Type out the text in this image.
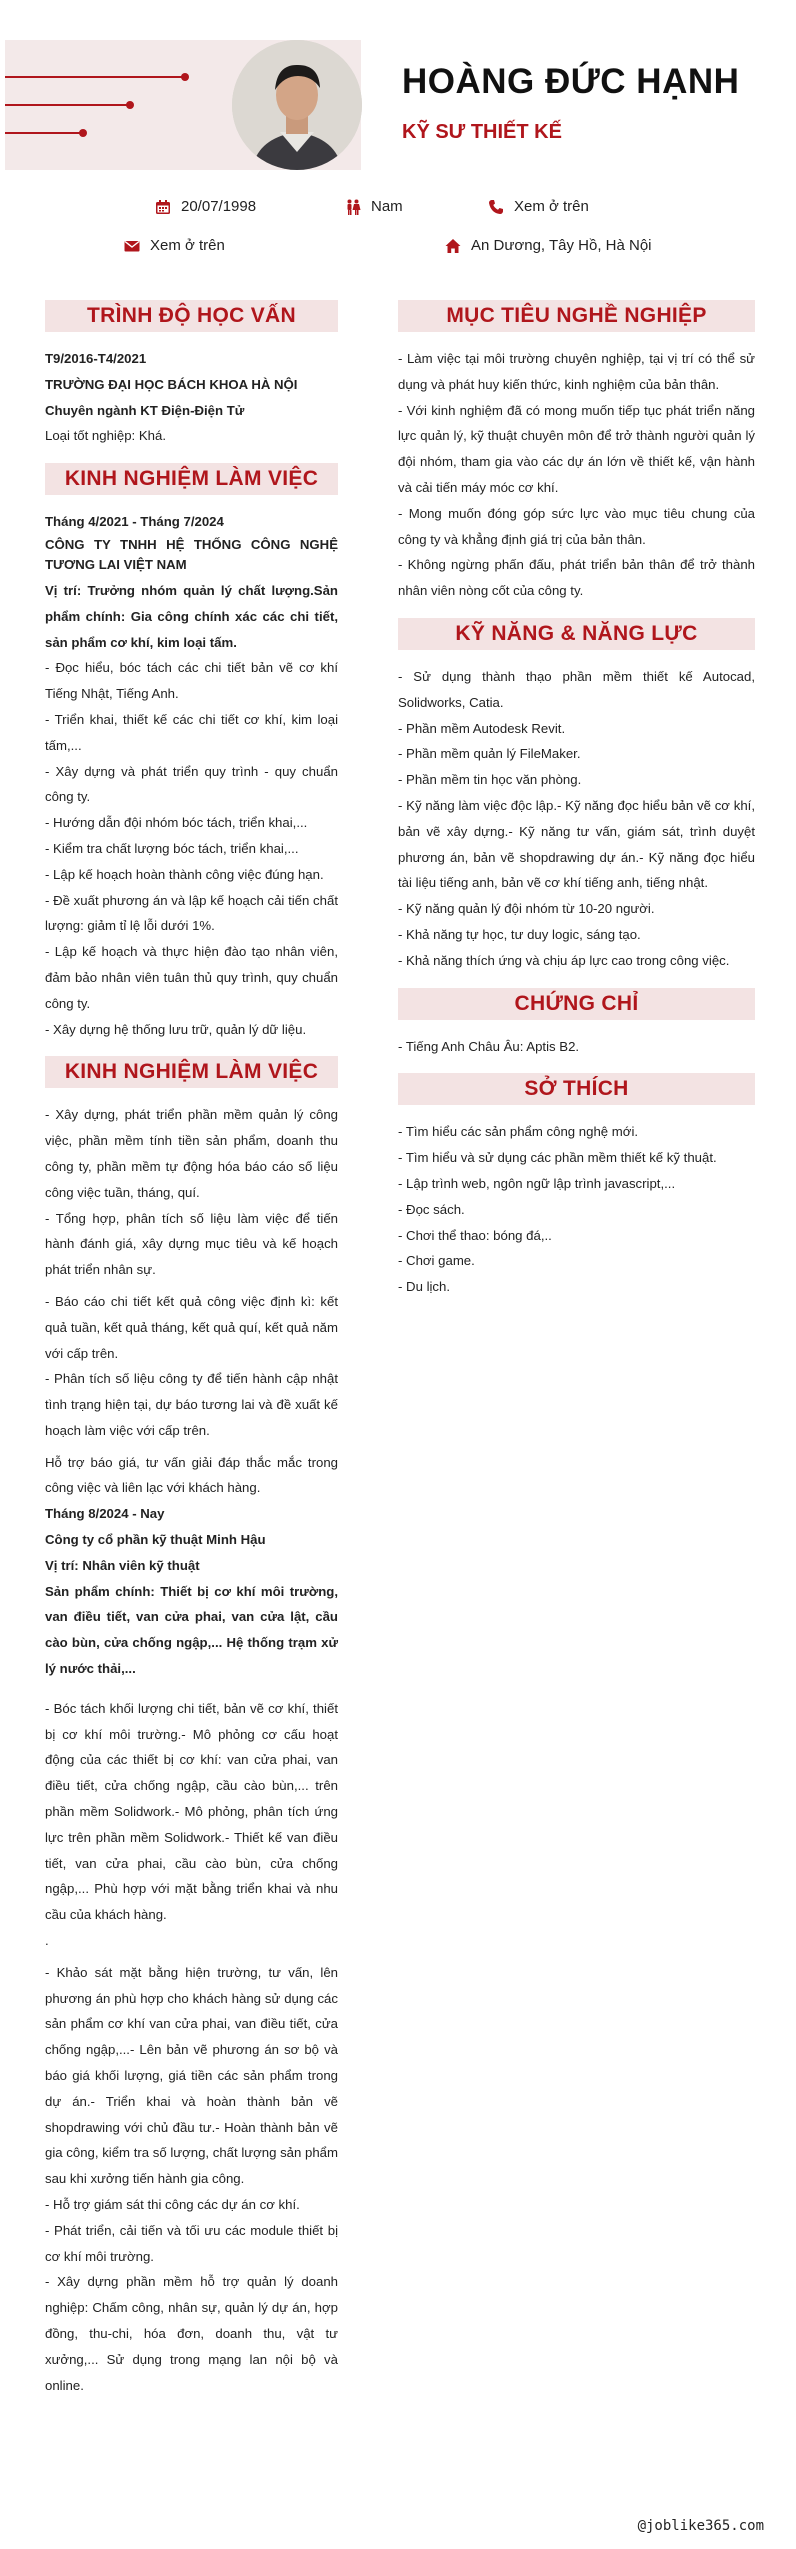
HOÀNG ĐỨC HẠNH
KỸ SƯ THIẾT KẾ
20/07/1998	Nam	Xem ở trên
Xem ở trên	An Dương, Tây Hồ, Hà Nội
TRÌNH ĐỘ HỌC VẤN

T9/2016-T4/2021

TRƯỜNG ĐẠI HỌC BÁCH KHOA HÀ NỘI

Chuyên ngành KT Điện-Điện Tử

Loại tốt nghiệp: Khá.

KINH NGHIỆM LÀM VIỆC

Tháng 4/2021 - Tháng 7/2024

CÔNG TY TNHH HỆ THỐNG CÔNG NGHỆ TƯƠNG LAI VIỆT NAM

Vị trí: Trưởng nhóm quản lý chất lượng.Sản phẩm chính: Gia công chính xác các chi tiết, sản phẩm cơ khí, kim loại tấm.

- Đọc hiểu, bóc tách các chi tiết bản vẽ cơ khí Tiếng Nhật, Tiếng Anh.

- Triển khai, thiết kế các chi tiết cơ khí, kim loại tấm,...

- Xây dựng và phát triển quy trình - quy chuẩn công ty.

- Hướng dẫn đội nhóm bóc tách, triển khai,...

- Kiểm tra chất lượng bóc tách, triển khai,...

- Lập kế hoạch hoàn thành công việc đúng hạn.

- Đề xuất phương án và lập kế hoạch cải tiến chất lượng: giảm tỉ lệ lỗi dưới 1%.

- Lập kế hoạch và thực hiện đào tạo nhân viên, đảm bảo nhân viên tuân thủ quy trình, quy chuẩn công ty.

- Xây dựng hệ thống lưu trữ, quản lý dữ liệu.

KINH NGHIỆM LÀM VIỆC

- Xây dựng, phát triển phần mềm quản lý công việc, phần mềm tính tiền sản phẩm, doanh thu công ty, phần mềm tự động hóa báo cáo số liệu công việc tuần, tháng, quí.

- Tổng hợp, phân tích số liệu làm việc để tiến hành đánh giá, xây dựng mục tiêu và kế hoạch phát triển nhân sự.

- Báo cáo chi tiết kết quả công việc định kì: kết quả tuần, kết quả tháng, kết quả quí, kết quả năm với cấp trên.

- Phân tích số liệu công ty để tiến hành cập nhật tình trạng hiện tại, dự báo tương lai và đề xuất kế hoạch làm việc với cấp trên.

Hỗ trợ báo giá, tư vấn giải đáp thắc mắc trong công việc và liên lạc với khách hàng.

Tháng 8/2024 - Nay

Công ty cổ phần kỹ thuật Minh Hậu

Vị trí: Nhân viên kỹ thuật

Sản phẩm chính: Thiết bị cơ khí môi trường, van điều tiết, van cửa phai, van cửa lật, cầu cào bùn, cửa chống ngập,... Hệ thống trạm xử lý nước thải,...

- Bóc tách khối lượng chi tiết, bản vẽ cơ khí, thiết bị cơ khí môi trường.- Mô phỏng cơ cấu hoạt động của các thiết bị cơ khí: van cửa phai, van điều tiết, cửa chống ngập, cầu cào bùn,... trên phần mềm Solidwork.- Mô phỏng, phân tích ứng lực trên phần mềm Solidwork.- Thiết kế van điều tiết, van cửa phai, cầu cào bùn, cửa chống ngập,... Phù hợp với mặt bằng triển khai và nhu cầu của khách hàng.

.

- Khảo sát mặt bằng hiện trường, tư vấn, lên phương án phù hợp cho khách hàng sử dụng các sản phẩm cơ khí van cửa phai, van điều tiết, cửa chống ngập,...- Lên bản vẽ phương án sơ bộ và báo giá khối lượng, giá tiền các sản phẩm trong dự án.- Triển khai và hoàn thành bản vẽ shopdrawing với chủ đầu tư.- Hoàn thành bản vẽ gia công, kiểm tra số lượng, chất lượng sản phẩm sau khi xưởng tiến hành gia công.

- Hỗ trợ giám sát thi công các dự án cơ khí.

- Phát triển, cải tiến và tối ưu các module thiết bị cơ khí môi trường.

- Xây dựng phần mềm hỗ trợ quản lý doanh nghiệp: Chấm công, nhân sự, quản lý dự án, hợp đồng, thu-chi, hóa đơn, doanh thu, vật tư xưởng,... Sử dụng trong mạng lan nội bộ và online.

MỤC TIÊU NGHỀ NGHIỆP

- Làm việc tại môi trường chuyên nghiệp, tại vị trí có thể sử dụng và phát huy kiến thức, kinh nghiệm của bản thân.

- Với kinh nghiệm đã có mong muốn tiếp tục phát triển năng lực quản lý, kỹ thuật chuyên môn để trở thành người quản lý đội nhóm, tham gia vào các dự án lớn về thiết kế, vận hành và cải tiến máy móc cơ khí.

- Mong muốn đóng góp sức lực vào mục tiêu chung của công ty và khẳng định giá trị của bản thân.

- Không ngừng phấn đấu, phát triển bản thân để trở thành nhân viên nòng cốt của công ty.

KỸ NĂNG & NĂNG LỰC

- Sử dụng thành thạo phần mềm thiết kế Autocad, Solidworks, Catia.

- Phần mềm Autodesk Revit.

- Phần mềm quản lý FileMaker.

- Phần mềm tin học văn phòng.

- Kỹ năng làm việc độc lập.- Kỹ năng đọc hiểu bản vẽ cơ khí, bản vẽ xây dựng.- Kỹ năng tư vấn, giám sát, trình duyệt phương án, bản vẽ shopdrawing dự án.- Kỹ năng đọc hiểu tài liệu tiếng anh, bản vẽ cơ khí tiếng anh, tiếng nhật.

- Kỹ năng quản lý đội nhóm từ 10-20 người.

- Khả năng tự học, tư duy logic, sáng tạo.

- Khả năng thích ứng và chịu áp lực cao trong công việc.

CHỨNG CHỈ

- Tiếng Anh Châu Âu: Aptis B2.

SỞ THÍCH

- Tìm hiểu các sản phẩm công nghệ mới.

- Tìm hiểu và sử dụng các phần mềm thiết kế kỹ thuật.

- Lập trình web, ngôn ngữ lập trình javascript,...

- Đọc sách.

- Chơi thể thao: bóng đá,..

- Chơi game.

- Du lịch.

@joblike365.com
